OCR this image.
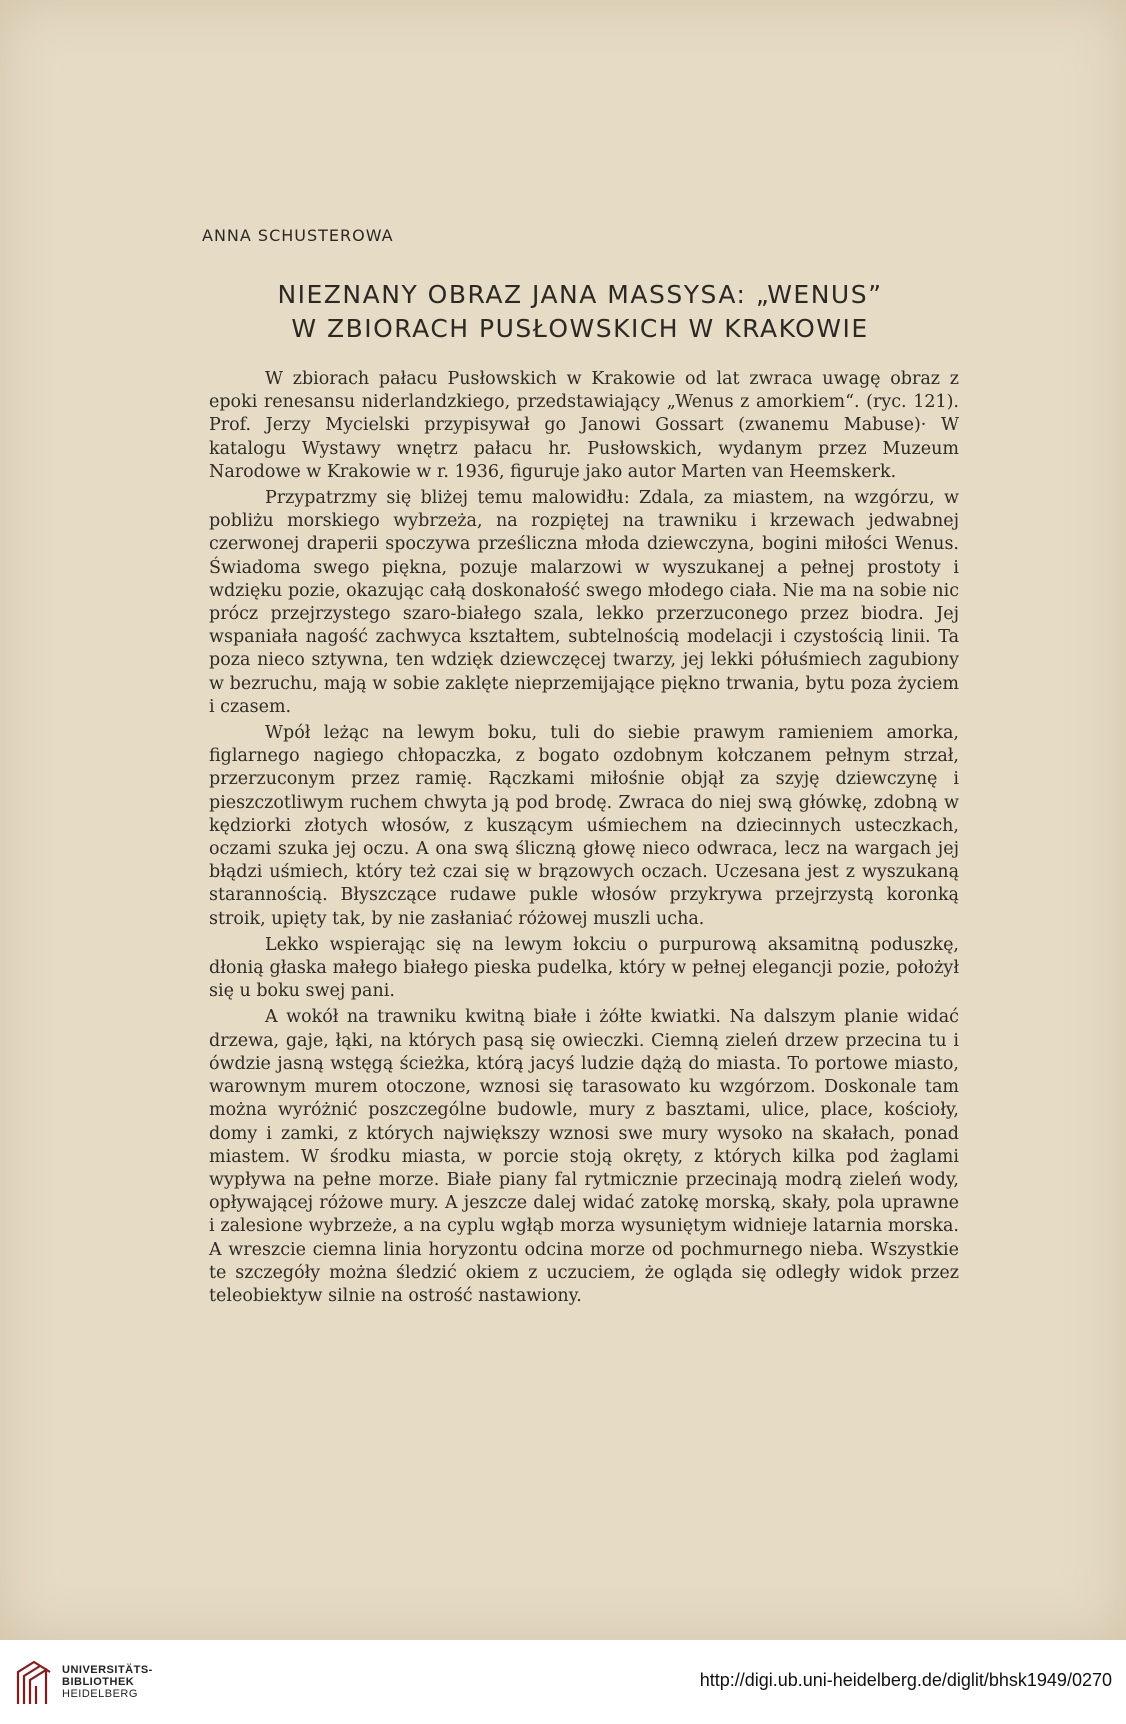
ANNA SCHUSTEROWA
NIEZNANY OBRAZ JANA MASSYSA: „WENUS”
W ZBIORACH PUSŁOWSKICH W KRAKOWIE

W zbiorach pałacu Pusłowskich w Krakowie od lat zwraca uwagę obraz z epoki renesansu niderlandzkiego, przedstawiający „Wenus z amorkiem“. (ryc. 121). Prof. Jerzy Mycielski przypisywał go Janowi Gossart (zwanemu Mabuse)· W katalogu Wystawy wnętrz pałacu hr. Pusłowskich, wydanym przez Muzeum Narodowe w Krakowie w r. 1936, figuruje jako autor Marten van Heemskerk.

Przypatrzmy się bliżej temu malowidłu: Zdala, za miastem, na wzgórzu, w pobliżu morskiego wybrzeża, na rozpiętej na trawniku i krzewach jedwabnej czerwonej draperii spoczywa prześliczna młoda dziewczyna, bogini miłości Wenus. Świadoma swego piękna, pozuje malarzowi w wyszukanej a pełnej prostoty i wdzięku pozie, okazując całą doskonałość swego młodego ciała. Nie ma na sobie nic prócz przejrzystego szaro-białego szala, lekko przerzuconego przez biodra. Jej wspaniała nagość zachwyca kształtem, subtelnością modelacji i czystością linii. Ta poza nieco sztywna, ten wdzięk dziewczęcej twarzy, jej lekki półuśmiech zagubiony w bezruchu, mają w sobie zaklęte nieprzemijające piękno trwania, bytu poza życiem i czasem.

Wpół leżąc na lewym boku, tuli do siebie prawym ramieniem amorka, figlarnego nagiego chłopaczka, z bogato ozdobnym kołczanem pełnym strzał, przerzuconym przez ramię. Rączkami miłośnie objął za szyję dziewczynę i pieszczotliwym ruchem chwyta ją pod brodę. Zwraca do niej swą główkę, zdobną w kędziorki złotych włosów, z kuszącym uśmiechem na dziecinnych usteczkach, oczami szuka jej oczu. A ona swą śliczną głowę nieco odwraca, lecz na wargach jej błądzi uśmiech, który też czai się w brązowych oczach. Uczesana jest z wyszukaną starannością. Błyszczące rudawe pukle włosów przykrywa przejrzystą koronką stroik, upięty tak, by nie zasłaniać różowej muszli ucha.

Lekko wspierając się na lewym łokciu o purpurową aksamitną poduszkę, dłonią głaska małego białego pieska pudelka, który w pełnej elegancji pozie, położył się u boku swej pani.

A wokół na trawniku kwitną białe i żółte kwiatki. Na dalszym planie widać drzewa, gaje, łąki, na których pasą się owieczki. Ciemną zieleń drzew przecina tu i ówdzie jasną wstęgą ścieżka, którą jacyś ludzie dążą do miasta. To portowe miasto, warownym murem otoczone, wznosi się tarasowato ku wzgórzom. Doskonale tam można wyróżnić poszczególne budowle, mury z basztami, ulice, place, kościoły, domy i zamki, z których największy wznosi swe mury wysoko na skałach, ponad miastem. W środku miasta, w porcie stoją okręty, z których kilka pod żaglami wypływa na pełne morze. Białe piany fal rytmicznie przecinają modrą zieleń wody, opływającej różowe mury. A jeszcze dalej widać zatokę morską, skały, pola uprawne i zalesione wybrzeże, a na cyplu wgłąb morza wysuniętym widnieje latarnia morska. A wreszcie ciemna linia horyzontu odcina morze od pochmurnego nieba. Wszystkie te szczegóły można śledzić okiem z uczuciem, że ogląda się odległy widok przez teleobiektyw silnie na ostrość nastawiony.

UNIVERSITÄTS-
BIBLIOTHEK
HEIDELBERG
http://digi.ub.uni-heidelberg.de/diglit/bhsk1949/0270
